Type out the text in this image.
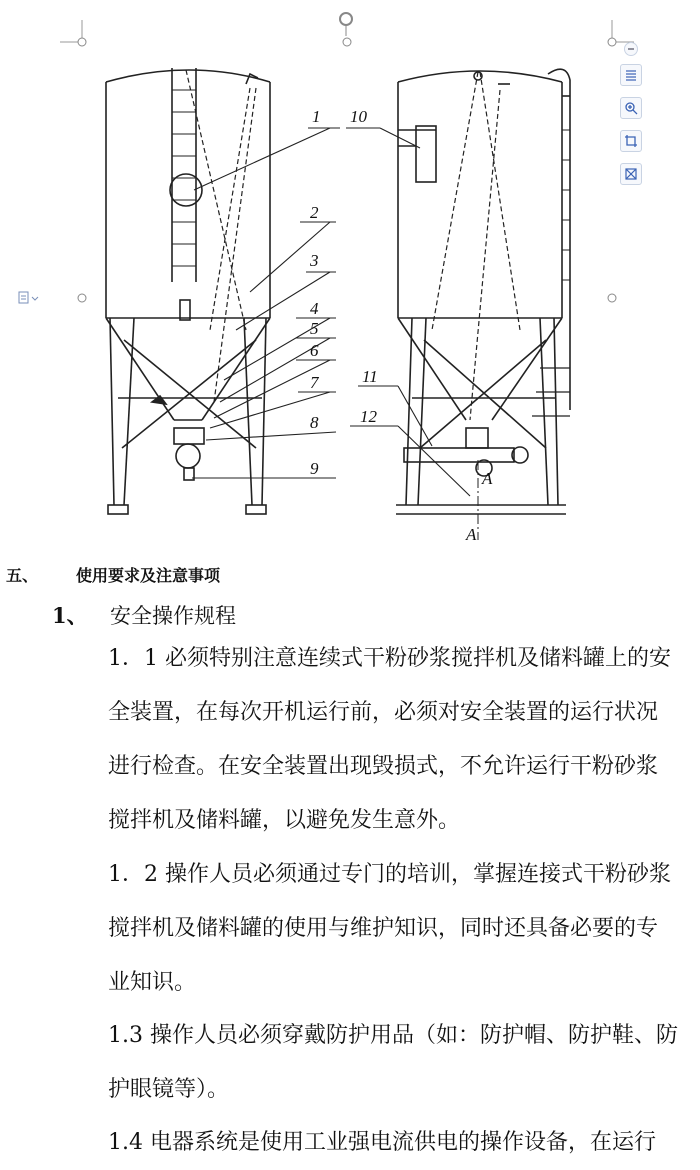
1
2
3
4
5
6
7
8
9
10
11
12
A
A
五、 使用要求及注意事项
1、 安全操作规程

1．1 必须特别注意连续式干粉砂浆搅拌机及储料罐上的安
全装置，在每次开机运行前，必须对安全装置的运行状况
进行检查。在安全装置出现毁损式，不允许运行干粉砂浆
搅拌机及储料罐，以避免发生意外。

1．2 操作人员必须通过专门的培训，掌握连接式干粉砂浆
搅拌机及储料罐的使用与维护知识，同时还具备必要的专
业知识。

1.3 操作人员必须穿戴防护用品（如：防护帽、防护鞋、防
护眼镜等）。

1.4 电器系统是使用工业强电流供电的操作设备，在运行
